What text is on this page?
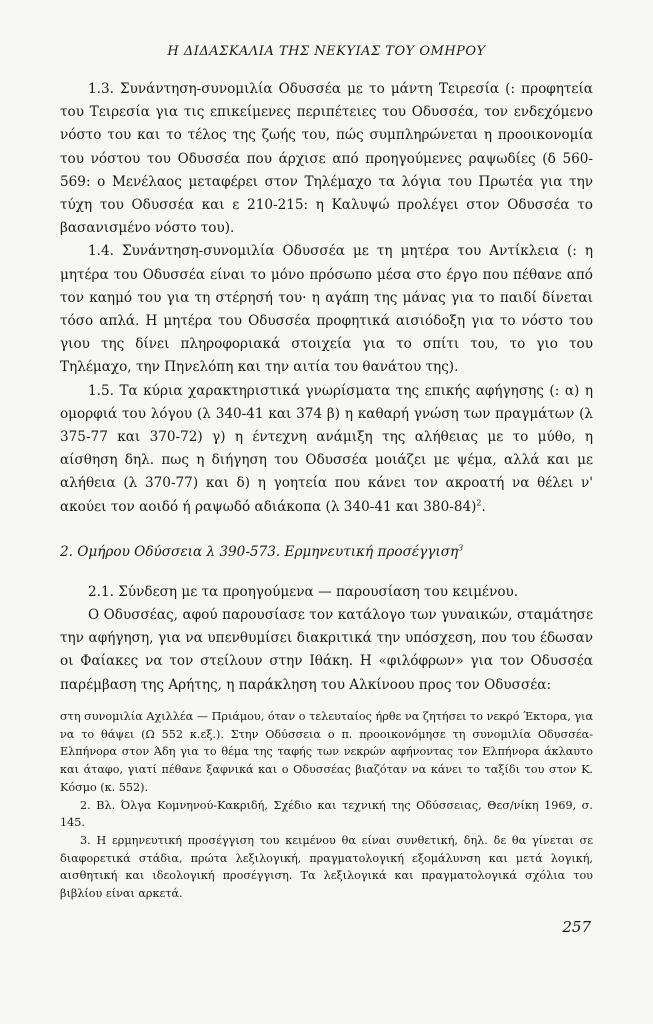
Η ΔΙΔΑΣΚΑΛΙΑ ΤΗΣ ΝΕΚΥΙΑΣ ΤΟΥ ΟΜΗΡΟΥ

1.3. Συνάντηση-συνομιλία Οδυσσέα με το μάντη Τειρεσία (: προφητεία του Τειρεσία για τις επικείμενες περιπέτειες του Οδυσσέα, τον ενδεχόμενο νόστο του και το τέλος της ζωής του, πώς συμπληρώνεται η προοικονομία του νόστου του Οδυσσέα που άρχισε από προηγούμενες ραψωδίες (δ 560-569: ο Μενέλαος μεταφέρει στον Τηλέμαχο τα λόγια του Πρωτέα για την τύχη του Οδυσσέα και ε 210-215: η Καλυψώ προλέγει στον Οδυσσέα το βασανισμένο νόστο του).

1.4. Συνάντηση-συνομιλία Οδυσσέα με τη μητέρα του Αντίκλεια (: η μητέρα του Οδυσσέα είναι το μόνο πρόσωπο μέσα στο έργο που πέθανε από τον καημό του για τη στέρησή του· η αγάπη της μάνας για το παιδί δίνεται τόσο απλά. Η μητέρα του Οδυσσέα προφητικά αισιόδοξη για το νόστο του γιου της δίνει πληροφοριακά στοιχεία για το σπίτι του, το γιο του Τηλέμαχο, την Πηνελόπη και την αιτία του θανάτου της).

1.5. Τα κύρια χαρακτηριστικά γνωρίσματα της επικής αφήγησης (: α) η ομορφιά του λόγου (λ 340-41 και 374 β) η καθαρή γνώση των πραγμάτων (λ 375-77 και 370-72) γ) η έντεχνη ανάμιξη της αλήθειας με το μύθο, η αίσθηση δηλ. πως η διήγηση του Οδυσσέα μοιάζει με ψέμα, αλλά και με αλήθεια (λ 370-77) και δ) η γοητεία που κάνει τον ακροατή να θέλει ν' ακούει τον αοιδό ή ραψωδό αδιάκοπα (λ 340-41 και 380-84)$^2$.

2. Ομήρου Οδύσσεια λ 390-573. Ερμηνευτική προσέγγιση$^3$

2.1. Σύνδεση με τα προηγούμενα — παρουσίαση του κειμένου.

Ο Οδυσσέας, αφού παρουσίασε τον κατάλογο των γυναικών, σταμάτησε την αφήγηση, για να υπενθυμίσει διακριτικά την υπόσχεση, που του έδωσαν οι Φαίακες να τον στείλουν στην Ιθάκη. Η «φιλόφρων» για τον Οδυσσέα παρέμβαση της Αρήτης, η παράκληση του Αλκίνοου προς τον Οδυσσέα:

στη συνομιλία Αχιλλέα — Πριάμου, όταν ο τελευταίος ήρθε να ζητήσει το νεκρό Έκτορα, για να το θάψει (Ω 552 κ.εξ.). Στην Οδύσσεια ο π. προοικονόμησε τη συνομιλία Οδυσσέα-Ελπήνορα στον Άδη για το θέμα της ταφής των νεκρών αφήνοντας τον Ελπήνορα άκλαυτο και άταφο, γιατί πέθανε ξαφνικά και ο Οδυσσέας βιαζόταν να κάνει το ταξίδι του στον Κ. Κόσμο (κ. 552).

2. Βλ. Όλγα Κομνηνού-Κακριδή, Σχέδιο και τεχνική της Οδύσσειας, Θεσ/νίκη 1969, σ. 145.

3. Η ερμηνευτική προσέγγιση του κειμένου θα είναι συνθετική, δηλ. δε θα γίνεται σε διαφορετικά στάδια, πρώτα λεξιλογική, πραγματολογική εξομάλυνση και μετά λογική, αισθητική και ιδεολογική προσέγγιση. Τα λεξιλογικά και πραγματολογικά σχόλια του βιβλίου είναι αρκετά.

257
